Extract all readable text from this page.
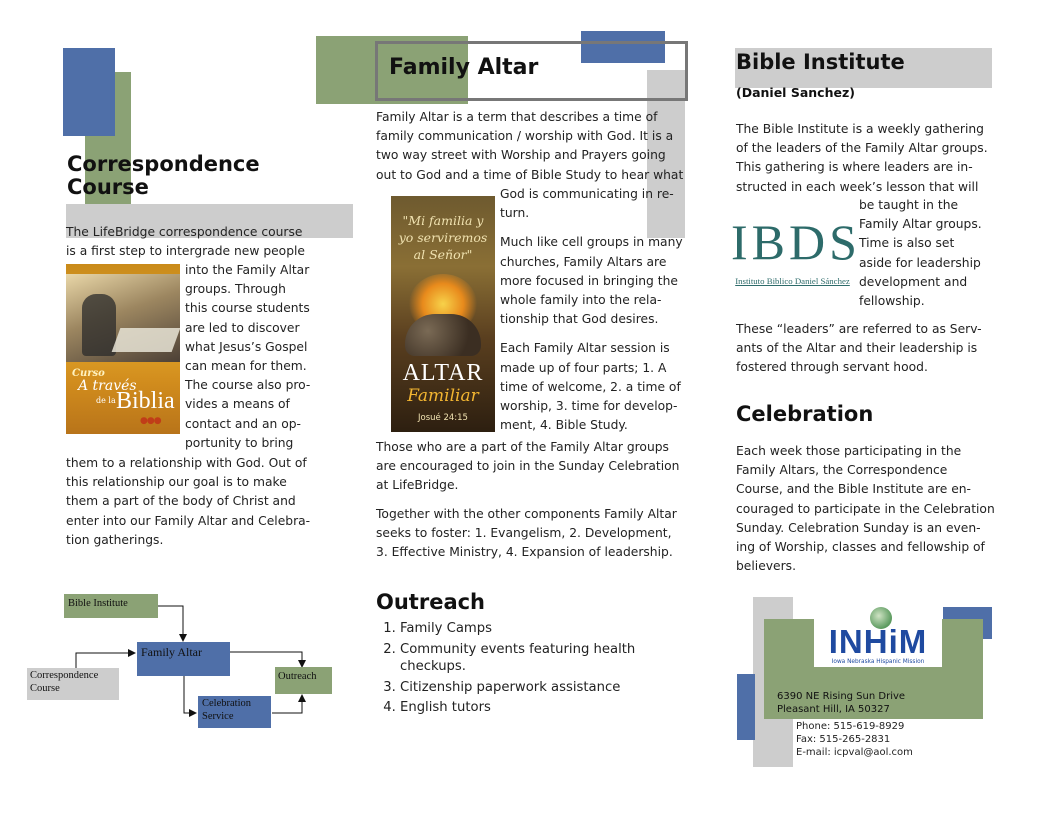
Correspondence Course
The LifeBridge correspondence course is a first step to intergrade new people
Curso
A través
de la Biblia
●●●
into the Family Altar
groups. Through
this course students
are led to discover
what Jesus’s Gospel
can mean for them.
The course also pro-
vides a means of
contact and an op-
portunity to bring
them to a relationship with God. Out of
this relationship our goal is to make
them a part of the body of Christ and
enter into our Family Altar and Celebra-
tion gatherings.
Bible Institute
Family Altar
Correspondence
Course
Outreach
Celebration
Service
Family Altar
Family Altar is a term that describes a time of
family communication / worship with God. It is a
two way street with Worship and Prayers going
out to God and a time of Bible Study to hear what
"Mi familia y
yo serviremos
al Señor"
ALTAR
Familiar
Josué 24:15
God is communicating in re-
turn.
Much like cell groups in many
churches, Family Altars are
more focused in bringing the
whole family into the rela-
tionship that God desires.
Each Family Altar session is
made up of four parts; 1. A
time of welcome, 2. a time of
worship, 3. time for develop-
ment, 4. Bible Study.
Those who are a part of the Family Altar groups
are encouraged to join in the Sunday Celebration
at LifeBridge.
Together with the other components Family Altar
seeks to foster: 1. Evangelism, 2. Development,
3. Effective Ministry, 4. Expansion of leadership.
Outreach
1. Family Camps
2. Community events featuring health checkups.
3. Citizenship paperwork assistance
4. English tutors
Bible Institute
(Daniel Sanchez)
The Bible Institute is a weekly gathering
of the leaders of the Family Altar groups.
This gathering is where leaders are in-
structed in each week’s lesson that will
IBDS
Instituto Biblico Daniel Sánchez
be taught in the
Family Altar groups.
Time is also set
aside for leadership
development and
fellowship.
These “leaders” are referred to as Serv-
ants of the Altar and their leadership is
fostered through servant hood.
Celebration
Each week those participating in the
Family Altars, the Correspondence
Course, and the Bible Institute are en-
couraged to participate in the Celebration
Sunday. Celebration Sunday is an even-
ing of Worship, classes and fellowship of
believers.
INHiM
Iowa Nebraska Hispanic Mission
6390 NE Rising Sun Drive
Pleasant Hill, IA 50327
Phone: 515-619-8929
Fax: 515-265-2831
E-mail: icpval@aol.com
